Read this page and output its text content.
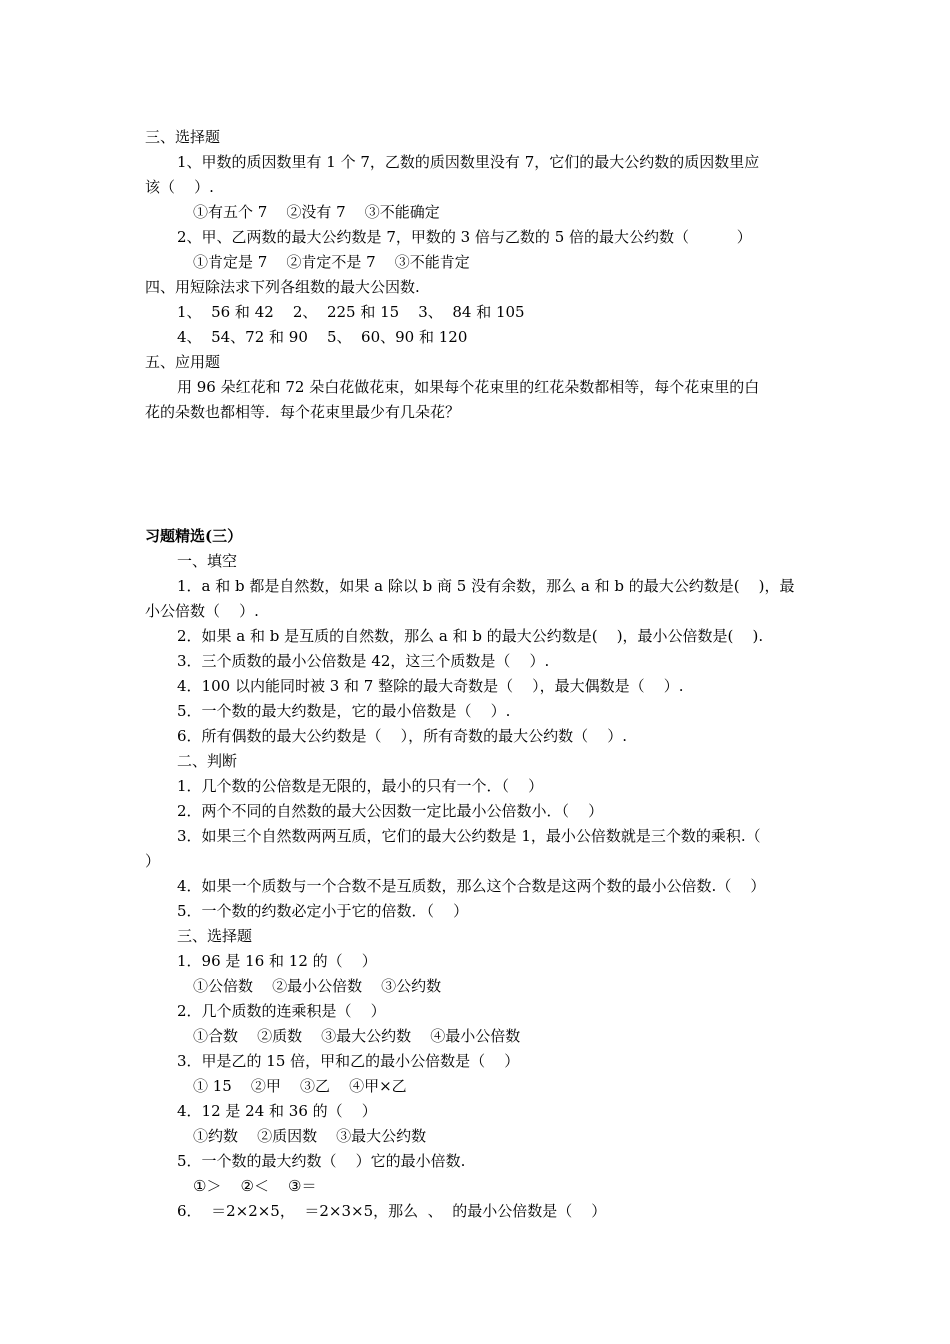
三、选择题
1、甲数的质因数里有 1 个 7，乙数的质因数里没有 7，它们的最大公约数的质因数里应
该（    ）.
①有五个 7    ②没有 7    ③不能确定
2、甲、乙两数的最大公约数是 7，甲数的 3 倍与乙数的 5 倍的最大公约数（          ）
①肯定是 7    ②肯定不是 7    ③不能肯定
四、用短除法求下列各组数的最大公因数.
1、  56 和 42    2、  225 和 15    3、  84 和 105
4、  54、72 和 90    5、  60、90 和 120
五、应用题
用 96 朵红花和 72 朵白花做花束，如果每个花束里的红花朵数都相等，每个花束里的白
花的朵数也都相等．每个花束里最少有几朵花？
习题精选(三）
一、填空
1．a 和 b 都是自然数，如果 a 除以 b 商 5 没有余数，那么 a 和 b 的最大公约数是(    )，最
小公倍数（    ）.
2．如果 a 和 b 是互质的自然数，那么 a 和 b 的最大公约数是(    )，最小公倍数是(    ).
3．三个质数的最小公倍数是 42，这三个质数是（    ）.
4．100 以内能同时被 3 和 7 整除的最大奇数是（    ），最大偶数是（    ）.
5．一个数的最大约数是，它的最小倍数是（    ）.
6．所有偶数的最大公约数是（    ），所有奇数的最大公约数（    ）.
二、判断
1．几个数的公倍数是无限的，最小的只有一个．（    ）
2．两个不同的自然数的最大公因数一定比最小公倍数小．（    ）
3．如果三个自然数两两互质，它们的最大公约数是 1，最小公倍数就是三个数的乘积.（
）
4．如果一个质数与一个合数不是互质数，那么这个合数是这两个数的最小公倍数.（    ）
5．一个数的约数必定小于它的倍数．（    ）
三、选择题
1．96 是 16 和 12 的（    ）
①公倍数    ②最小公倍数    ③公约数
2．几个质数的连乘积是（    ）
①合数    ②质数    ③最大公约数    ④最小公倍数
3．甲是乙的 15 倍，甲和乙的最小公倍数是（    ）
① 15    ②甲    ③乙    ④甲×乙
4．12 是 24 和 36 的（    ）
①约数    ②质因数    ③最大公约数
5．一个数的最大约数（    ）它的最小倍数.
①＞    ②＜    ③＝
6．  ＝2×2×5，  ＝2×3×5，那么  、  的最小公倍数是（    ）
